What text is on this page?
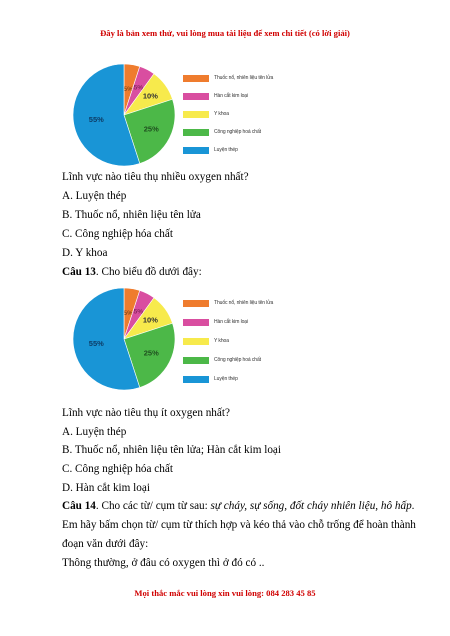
Đây là bản xem thử, vui lòng mua tài liệu để xem chi tiết (có lời giải)
5% 5%
10%
25%
55%
Thuốc nổ, nhiên liệu tên lửa
Hàn cắt kim loại
Y khoa
Công nghiệp hoá chất
Luyện thép
Lĩnh vực nào tiêu thụ nhiều oxygen nhất?
A. Luyện thép
B. Thuốc nổ, nhiên liệu tên lửa
C. Công nghiệp hóa chất
D. Y khoa
Câu 13. Cho biểu đồ dưới đây:
5% 5%
10%
25%
55%
Thuốc nổ, nhiên liệu tên lửa
Hàn cắt kim loại
Y khoa
Công nghiệp hoá chất
Luyện thép
Lĩnh vực nào tiêu thụ ít oxygen nhất?
A. Luyện thép
B. Thuốc nổ, nhiên liệu tên lửa; Hàn cắt kim loại
C. Công nghiệp hóa chất
D. Hàn cắt kim loại
Câu 14. Cho các từ/ cụm từ sau: sự cháy, sự sống, đốt cháy nhiên liệu, hô hấp.
Em hãy bấm chọn từ/ cụm từ thích hợp và kéo thả vào chỗ trống để hoàn thành
đoạn văn dưới đây:
Thông thường, ở đâu có oxygen thì ở đó có ..
Mọi thắc mắc vui lòng xin vui lòng: 084 283 45 85
